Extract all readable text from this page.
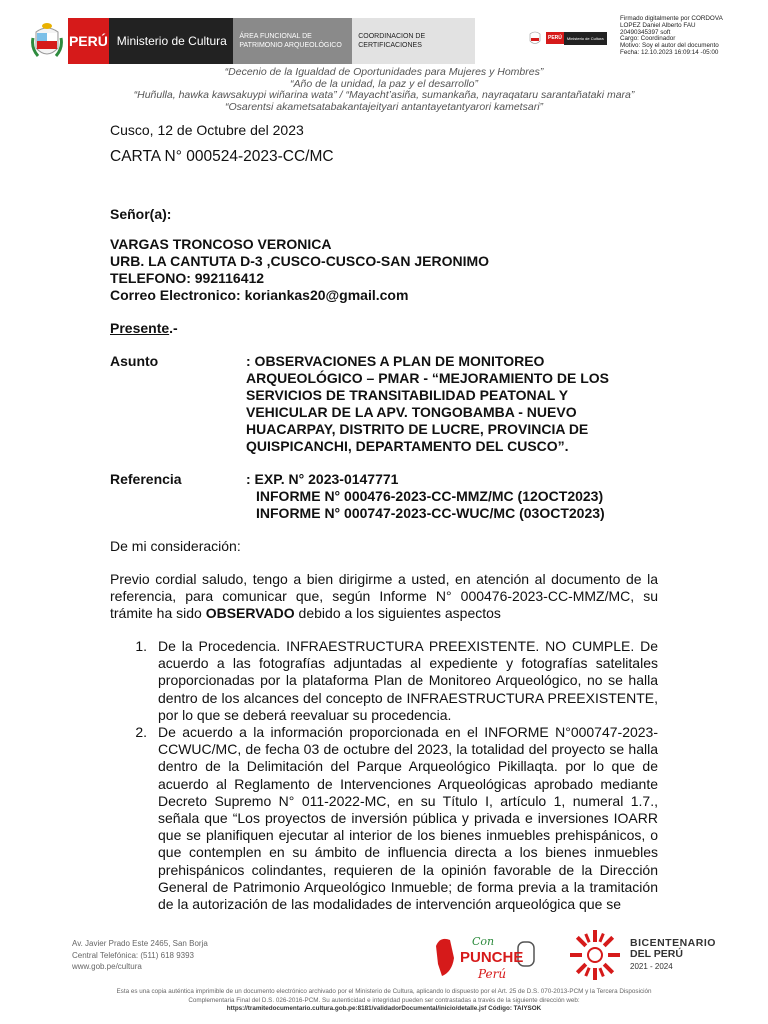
PERÚ Ministerio de Cultura	ÁREA FUNCIONAL DE PATRIMONIO ARQUEOLÓGICO
COORDINACION DE CERTIFICACIONES
PERÚ	Ministerio de Cultura
Firmado digitalmente por CORDOVA
LOPEZ Daniel Alberto FAU
20490345397 soft
Cargo: Coordinador
Motivo: Soy el autor del documento
Fecha: 12.10.2023 16:09:14 -05:00
“Decenio de la Igualdad de Oportunidades para Mujeres y Hombres”
“Año de la unidad, la paz y el desarrollo”
“Huñulla, hawka kawsakuypi wiñarina wata” / “Mayacht’asiña, sumankaña, nayraqataru sarantañataki mara”
“Osarentsi akametsatabakantajeityari antantayetantyarori kametsari”
Cusco, 12 de Octubre del 2023
CARTA N° 000524-2023-CC/MC
Señor(a):
VARGAS TRONCOSO VERONICA
URB. LA CANTUTA D-3 ,CUSCO-CUSCO-SAN JERONIMO
TELEFONO: 992116412
Correo Electronico: koriankas20@gmail.com
Presente.-
Asunto	: OBSERVACIONES A PLAN DE MONITOREO
ARQUEOLÓGICO – PMAR - “MEJORAMIENTO DE LOS
SERVICIOS DE TRANSITABILIDAD PEATONAL Y
VEHICULAR DE LA APV. TONGOBAMBA - NUEVO
HUACARPAY, DISTRITO DE LUCRE, PROVINCIA DE
QUISPICANCHI, DEPARTAMENTO DEL CUSCO”.
Referencia	: EXP. N° 2023-0147771
INFORME N° 000476-2023-CC-MMZ/MC (12OCT2023)
INFORME N° 000747-2023-CC-WUC/MC (03OCT2023)
De mi consideración:
Previo cordial saludo, tengo a bien dirigirme a usted, en atención al documento de la referencia, para comunicar que, según Informe N° 000476-2023-CC-MMZ/MC, su trámite ha sido OBSERVADO debido a los siguientes aspectos
1. De la Procedencia. INFRAESTRUCTURA PREEXISTENTE. NO CUMPLE. De acuerdo a las fotografías adjuntadas al expediente y fotografías satelitales proporcionadas por la plataforma Plan de Monitoreo Arqueológico, no se halla dentro de los alcances del concepto de INFRAESTRUCTURA PREEXISTENTE, por lo que se deberá reevaluar su procedencia.
2. De acuerdo a la información proporcionada en el INFORME N°000747-2023-CCWUC/MC, de fecha 03 de octubre del 2023, la totalidad del proyecto se halla dentro de la Delimitación del Parque Arqueológico Pikillaqta. por lo que de acuerdo al Reglamento de Intervenciones Arqueológicas aprobado mediante Decreto Supremo N° 011-2022-MC, en su Título I, artículo 1, numeral 1.7., señala que “Los proyectos de inversión pública y privada e inversiones IOARR que se planifiquen ejecutar al interior de los bienes inmuebles prehispánicos, o que contemplen en su ámbito de influencia directa a los bienes inmuebles prehispánicos colindantes, requieren de la opinión favorable de la Dirección General de Patrimonio Arqueológico Inmueble; de forma previa a la tramitación de la autorización de las modalidades de intervención arqueológica que se
Av. Javier Prado Este 2465, San Borja
Central Telefónica: (511) 618 9393
www.gob.pe/cultura
Con
PUNCHE
Perú
BICENTENARIO
DEL PERÚ
2021 - 2024
Esta es una copia auténtica imprimible de un documento electrónico archivado por el Ministerio de Cultura, aplicando lo dispuesto por el Art. 25 de D.S. 070-2013-PCM y la Tercera Disposición
Complementaria Final del D.S. 026-2016-PCM. Su autenticidad e integridad pueden ser contrastadas a través de la siguiente dirección web:
https://tramitedocumentario.cultura.gob.pe:8181/validadorDocumental/inicio/detalle.jsf Código: TAIYSOK
